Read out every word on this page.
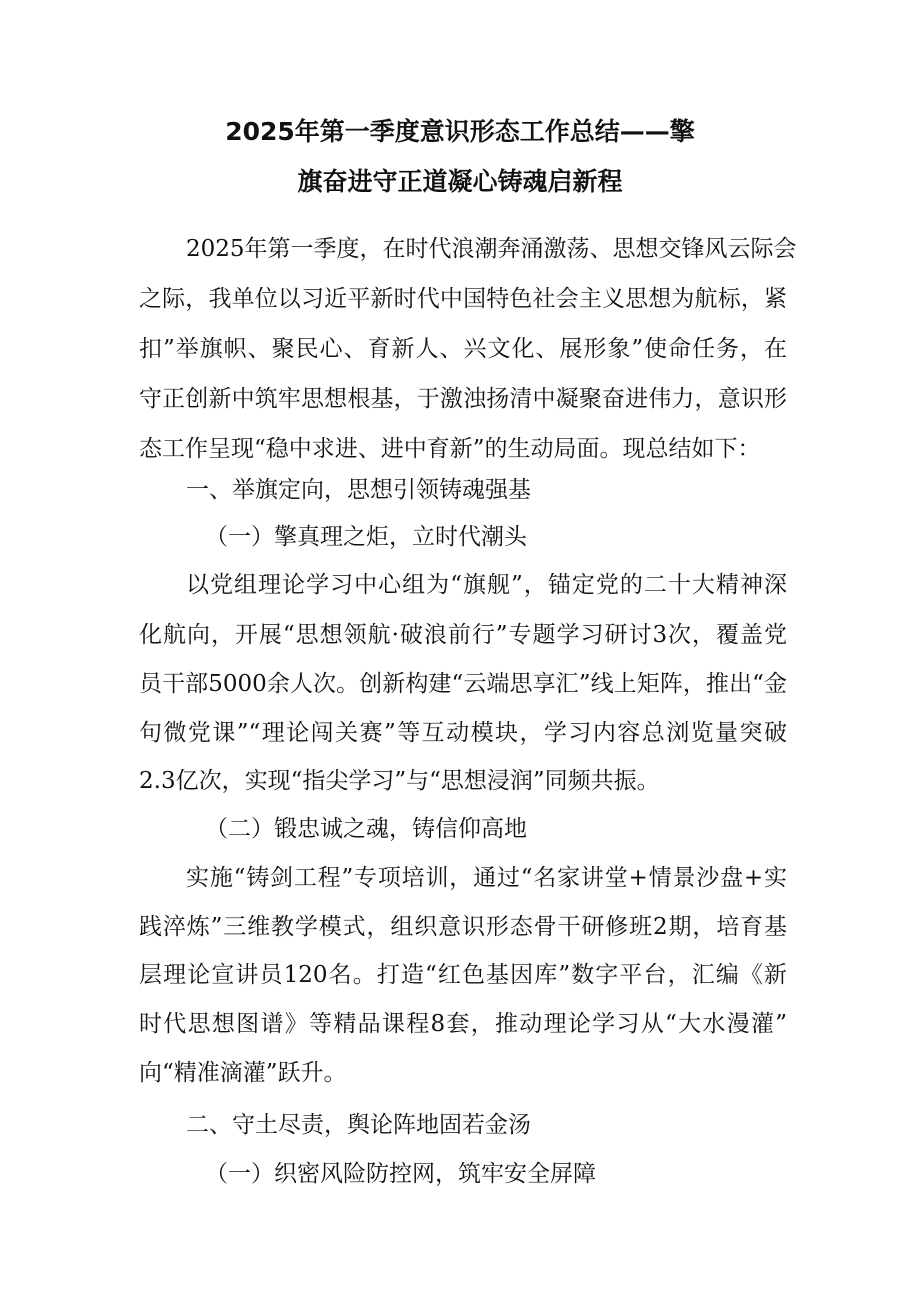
2025年第一季度意识形态工作总结——擎
旗奋进守正道凝心铸魂启新程
2025年第一季度，在时代浪潮奔涌激荡、思想交锋风云际会
之际，我单位以习近平新时代中国特色社会主义思想为航标，紧
扣”举旗帜、聚民心、育新人、兴文化、展形象”使命任务，在
守正创新中筑牢思想根基，于激浊扬清中凝聚奋进伟力，意识形
态工作呈现“稳中求进、进中育新”的生动局面。现总结如下：
一、举旗定向，思想引领铸魂强基
（一）擎真理之炬，立时代潮头
以党组理论学习中心组为“旗舰”，锚定党的二十大精神深
化航向，开展“思想领航·破浪前行”专题学习研讨3次，覆盖党
员干部5000余人次。创新构建“云端思享汇”线上矩阵，推出“金
句微党课”“理论闯关赛”等互动模块，学习内容总浏览量突破
2.3亿次，实现“指尖学习”与“思想浸润”同频共振。
（二）锻忠诚之魂，铸信仰高地
实施“铸剑工程”专项培训，通过“名家讲堂+情景沙盘+实
践淬炼”三维教学模式，组织意识形态骨干研修班2期，培育基
层理论宣讲员120名。打造“红色基因库”数字平台，汇编《新
时代思想图谱》等精品课程8套，推动理论学习从“大水漫灌”
向“精准滴灌”跃升。
二、守土尽责，舆论阵地固若金汤
（一）织密风险防控网，筑牢安全屏障
